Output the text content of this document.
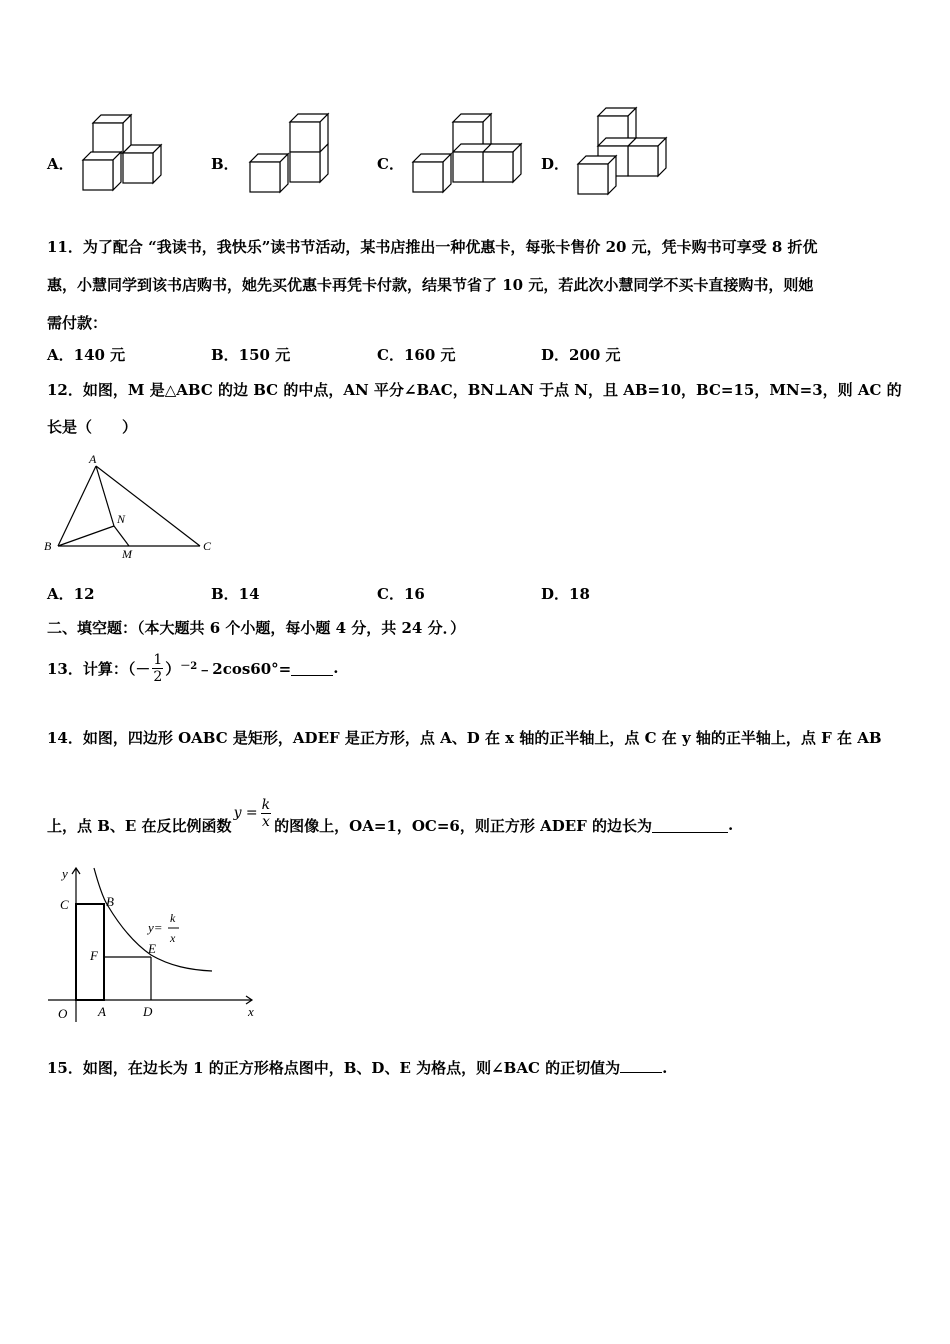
A．	B．	C．	D．
11．为了配合 “我读书，我快乐”读书节活动，某书店推出一种优惠卡，每张卡售价 20 元，凭卡购书可享受 8 折优
惠，小慧同学到该书店购书，她先买优惠卡再凭卡付款，结果节省了 10 元，若此次小慧同学不买卡直接购书，则她
需付款：
A．140 元	B．150 元	C．160 元	D．200 元
12．如图，M 是△ABC 的边 BC 的中点，AN 平分∠BAC，BN⊥AN 于点 N，且 AB=10，BC=15，MN=3，则 AC 的
长是（　　）
A
B	C
N
M
A．12	B．14	C．16	D．18
二、填空题：（本大题共 6 个小题，每小题 4 分，共 24 分．）
13．计算：（－ $\frac{1}{2} )^{-2}$ ﹣2cos60°=	.
14．如图，四边形 OABC 是矩形，ADEF 是正方形，点 A、D 在 x 轴的正半轴上，点 C 在 y 轴的正半轴上，点 F 在 AB
上，点 B、E 在反比例函数
$y = \frac{k}{x}$ 的图像上，OA=1，OC=6，则正方形 ADEF 的边长为	.
y
x
O A	D
C	B
F	E
y=
k
x
15．如图，在边长为 1 的正方形格点图中，B、D、E 为格点，则∠BAC 的正切值为	.
